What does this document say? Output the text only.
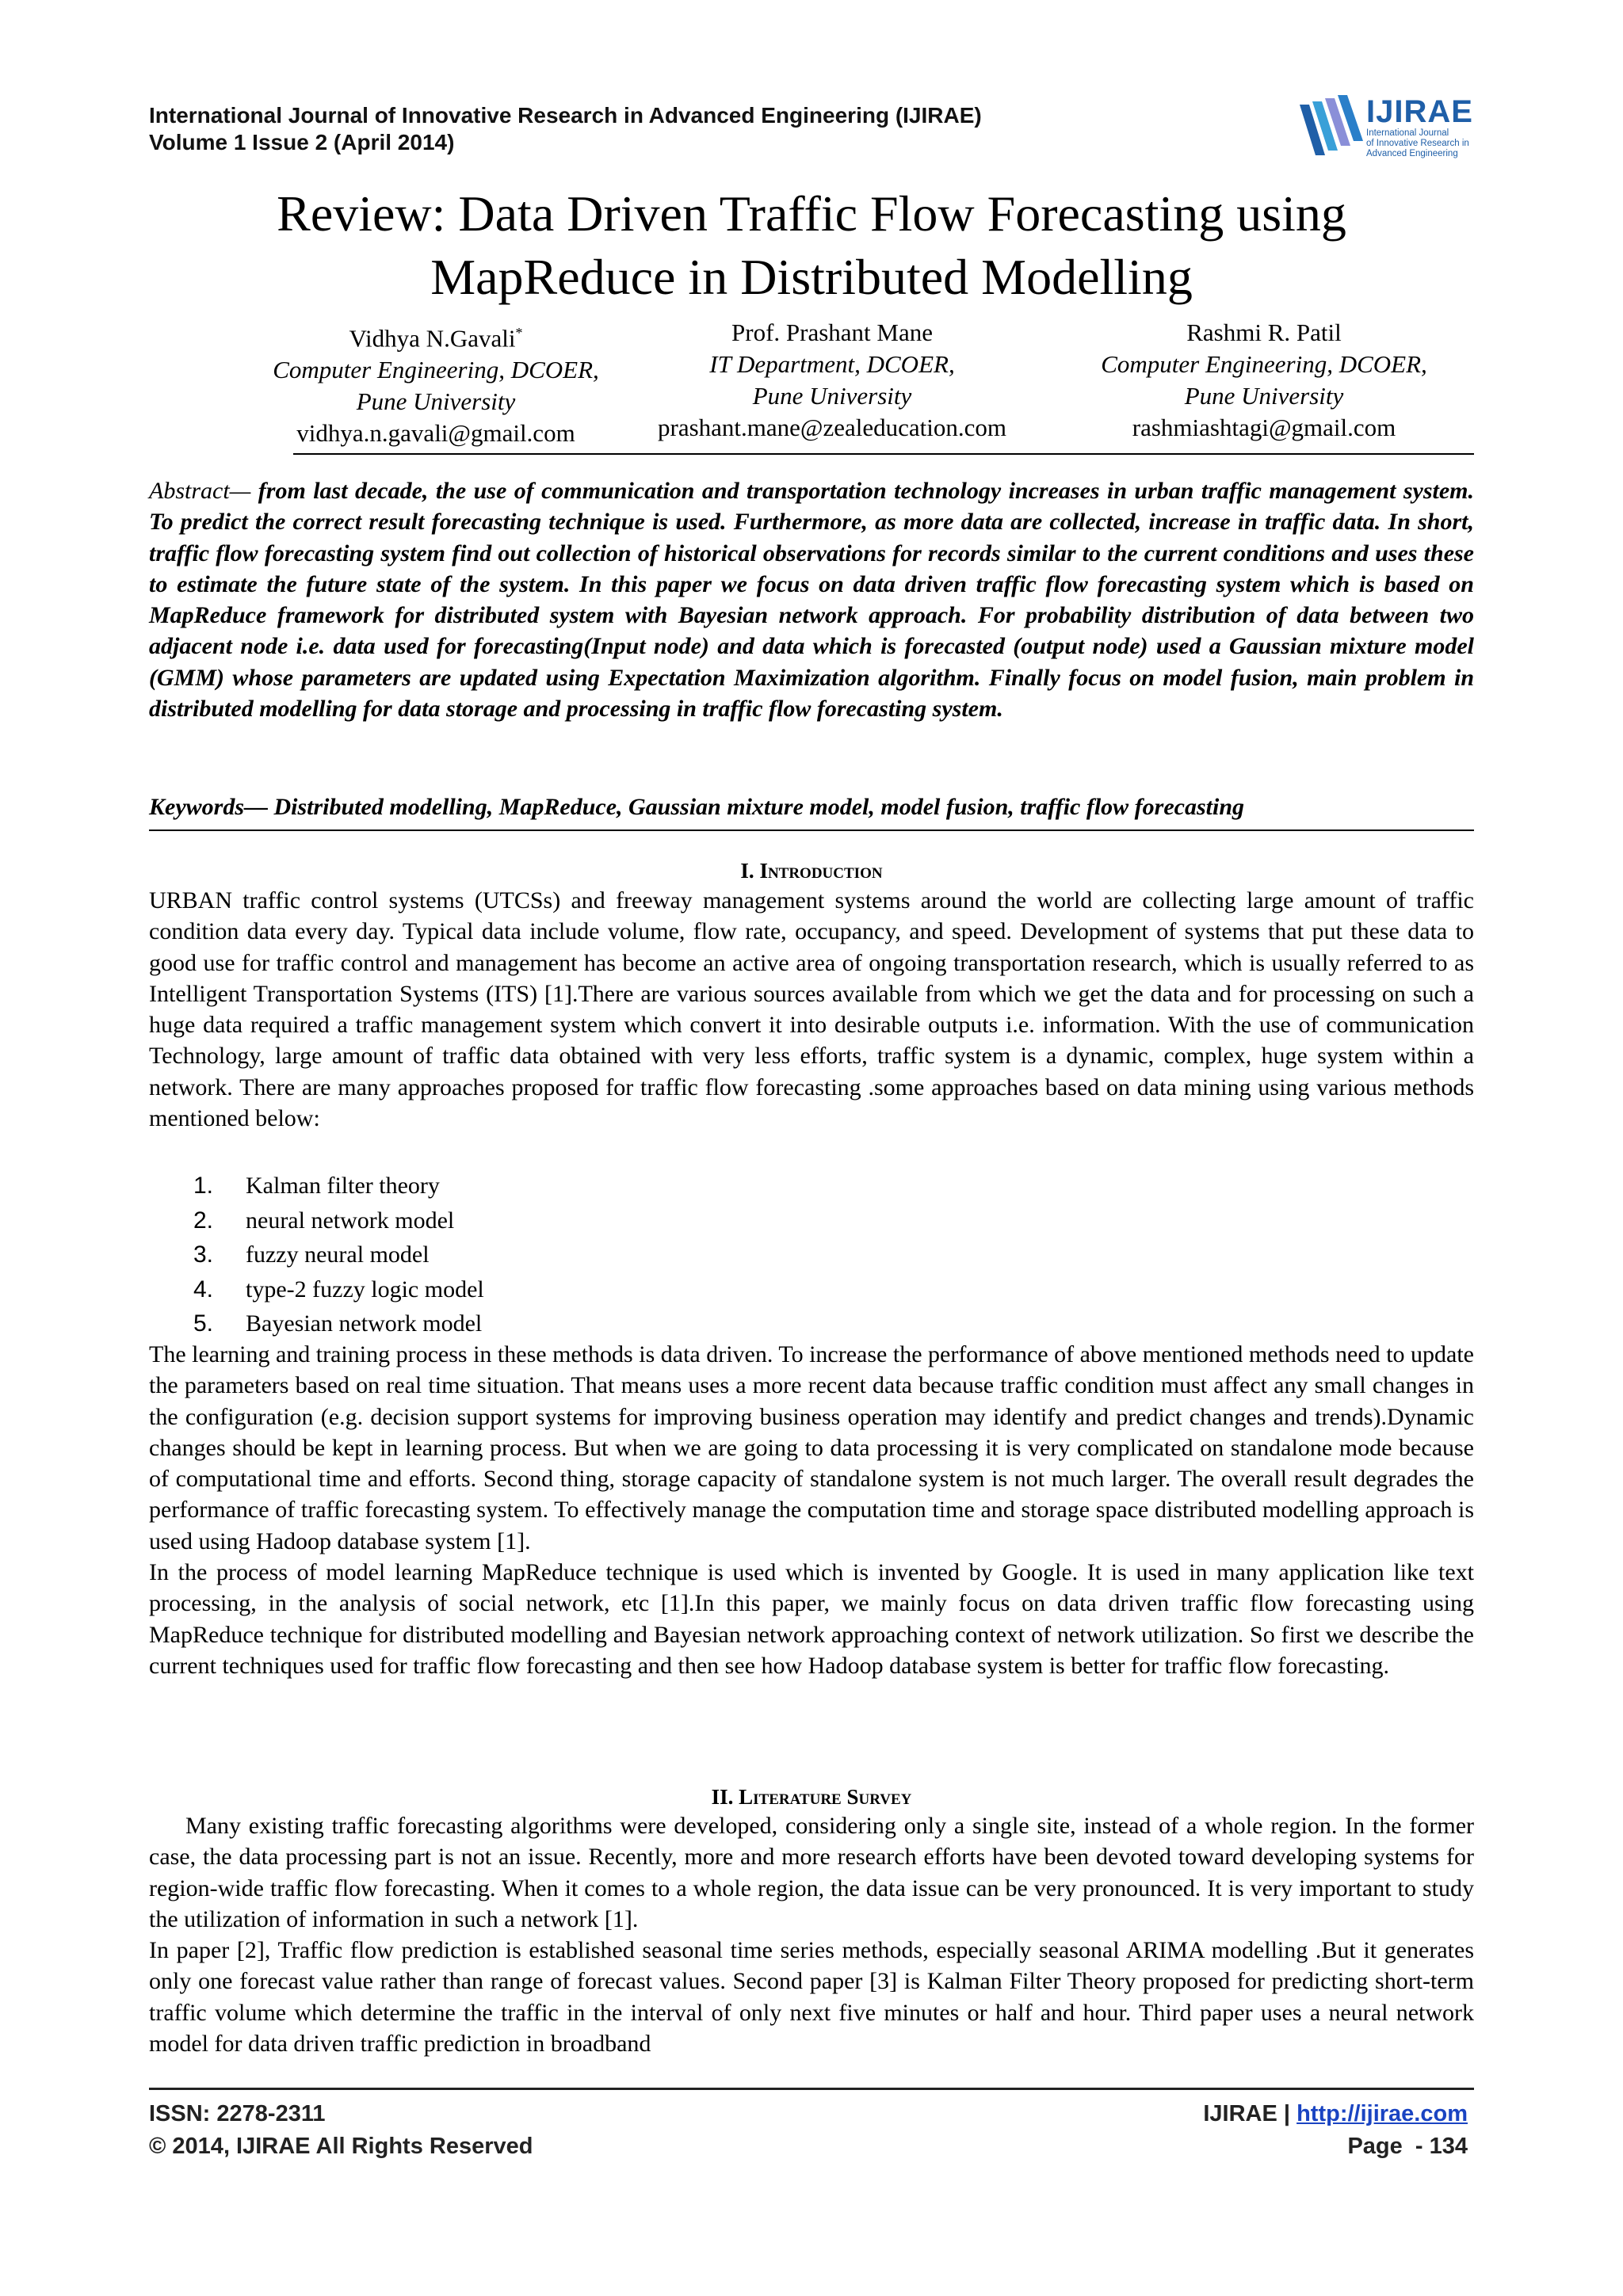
International Journal of Innovative Research in Advanced Engineering (IJIRAE)
Volume 1 Issue 2 (April 2014)
IJIRAE
International Journal
of Innovative Research in
Advanced Engineering
Review: Data Driven Traffic Flow Forecasting using
MapReduce in Distributed Modelling
Vidhya N.Gavali*
Computer Engineering, DCOER,
Pune University
vidhya.n.gavali@gmail.com
Prof. Prashant Mane
IT Department, DCOER,
Pune University
prashant.mane@zealeducation.com
Rashmi R. Patil
Computer Engineering, DCOER,
Pune University
rashmiashtagi@gmail.com
Abstract— from last decade, the use of communication and transportation technology increases in urban traffic management system. To predict the correct result forecasting technique is used. Furthermore, as more data are collected, increase in traffic data. In short, traffic flow forecasting system find out collection of historical observations for records similar to the current conditions and uses these to estimate the future state of the system. In this paper we focus on data driven traffic flow forecasting system which is based on MapReduce framework for distributed system with Bayesian network approach. For probability distribution of data between two adjacent node i.e. data used for forecasting(Input node) and data which is forecasted (output node) used a Gaussian mixture model (GMM) whose parameters are updated using Expectation Maximization algorithm. Finally focus on model fusion, main problem in distributed modelling for data storage and processing in traffic flow forecasting system.
Keywords— Distributed modelling, MapReduce, Gaussian mixture model, model fusion, traffic flow forecasting
I. Introduction

URBAN traffic control systems (UTCSs) and freeway management systems around the world are collecting large amount of traffic condition data every day. Typical data include volume, flow rate, occupancy, and speed. Development of systems that put these data to good use for traffic control and management has become an active area of ongoing transportation research, which is usually referred to as Intelligent Transportation Systems (ITS) [1].There are various sources available from which we get the data and for processing on such a huge data required a traffic management system which convert it into desirable outputs i.e. information. With the use of communication Technology, large amount of traffic data obtained with very less efforts, traffic system is a dynamic, complex, huge system within a network. There are many approaches proposed for traffic flow forecasting .some approaches based on data mining using various methods mentioned below:

1. Kalman filter theory
2. neural network model
3. fuzzy neural model
4. type-2 fuzzy logic model
5. Bayesian network model

The learning and training process in these methods is data driven. To increase the performance of above mentioned methods need to update the parameters based on real time situation. That means uses a more recent data because traffic condition must affect any small changes in the configuration (e.g. decision support systems for improving business operation may identify and predict changes and trends).Dynamic changes should be kept in learning process. But when we are going to data processing it is very complicated on standalone mode because of computational time and efforts. Second thing, storage capacity of standalone system is not much larger. The overall result degrades the performance of traffic forecasting system. To effectively manage the computation time and storage space distributed modelling approach is used using Hadoop database system [1].

In the process of model learning MapReduce technique is used which is invented by Google. It is used in many application like text processing, in the analysis of social network, etc [1].In this paper, we mainly focus on data driven traffic flow forecasting using MapReduce technique for distributed modelling and Bayesian network approaching context of network utilization. So first we describe the current techniques used for traffic flow forecasting and then see how Hadoop database system is better for traffic flow forecasting.

II. Literature Survey

Many existing traffic forecasting algorithms were developed, considering only a single site, instead of a whole region. In the former case, the data processing part is not an issue. Recently, more and more research efforts have been devoted toward developing systems for region-wide traffic flow forecasting. When it comes to a whole region, the data issue can be very pronounced. It is very important to study the utilization of information in such a network [1].

In paper [2], Traffic flow prediction is established seasonal time series methods, especially seasonal ARIMA modelling .But it generates only one forecast value rather than range of forecast values. Second paper [3] is Kalman Filter Theory proposed for predicting short-term traffic volume which determine the traffic in the interval of only next five minutes or half and hour. Third paper uses a neural network model for data driven traffic prediction in broadband

ISSN: 2278-2311
© 2014, IJIRAE All Rights Reserved
IJIRAE | http://ijirae.com
Page - 134
